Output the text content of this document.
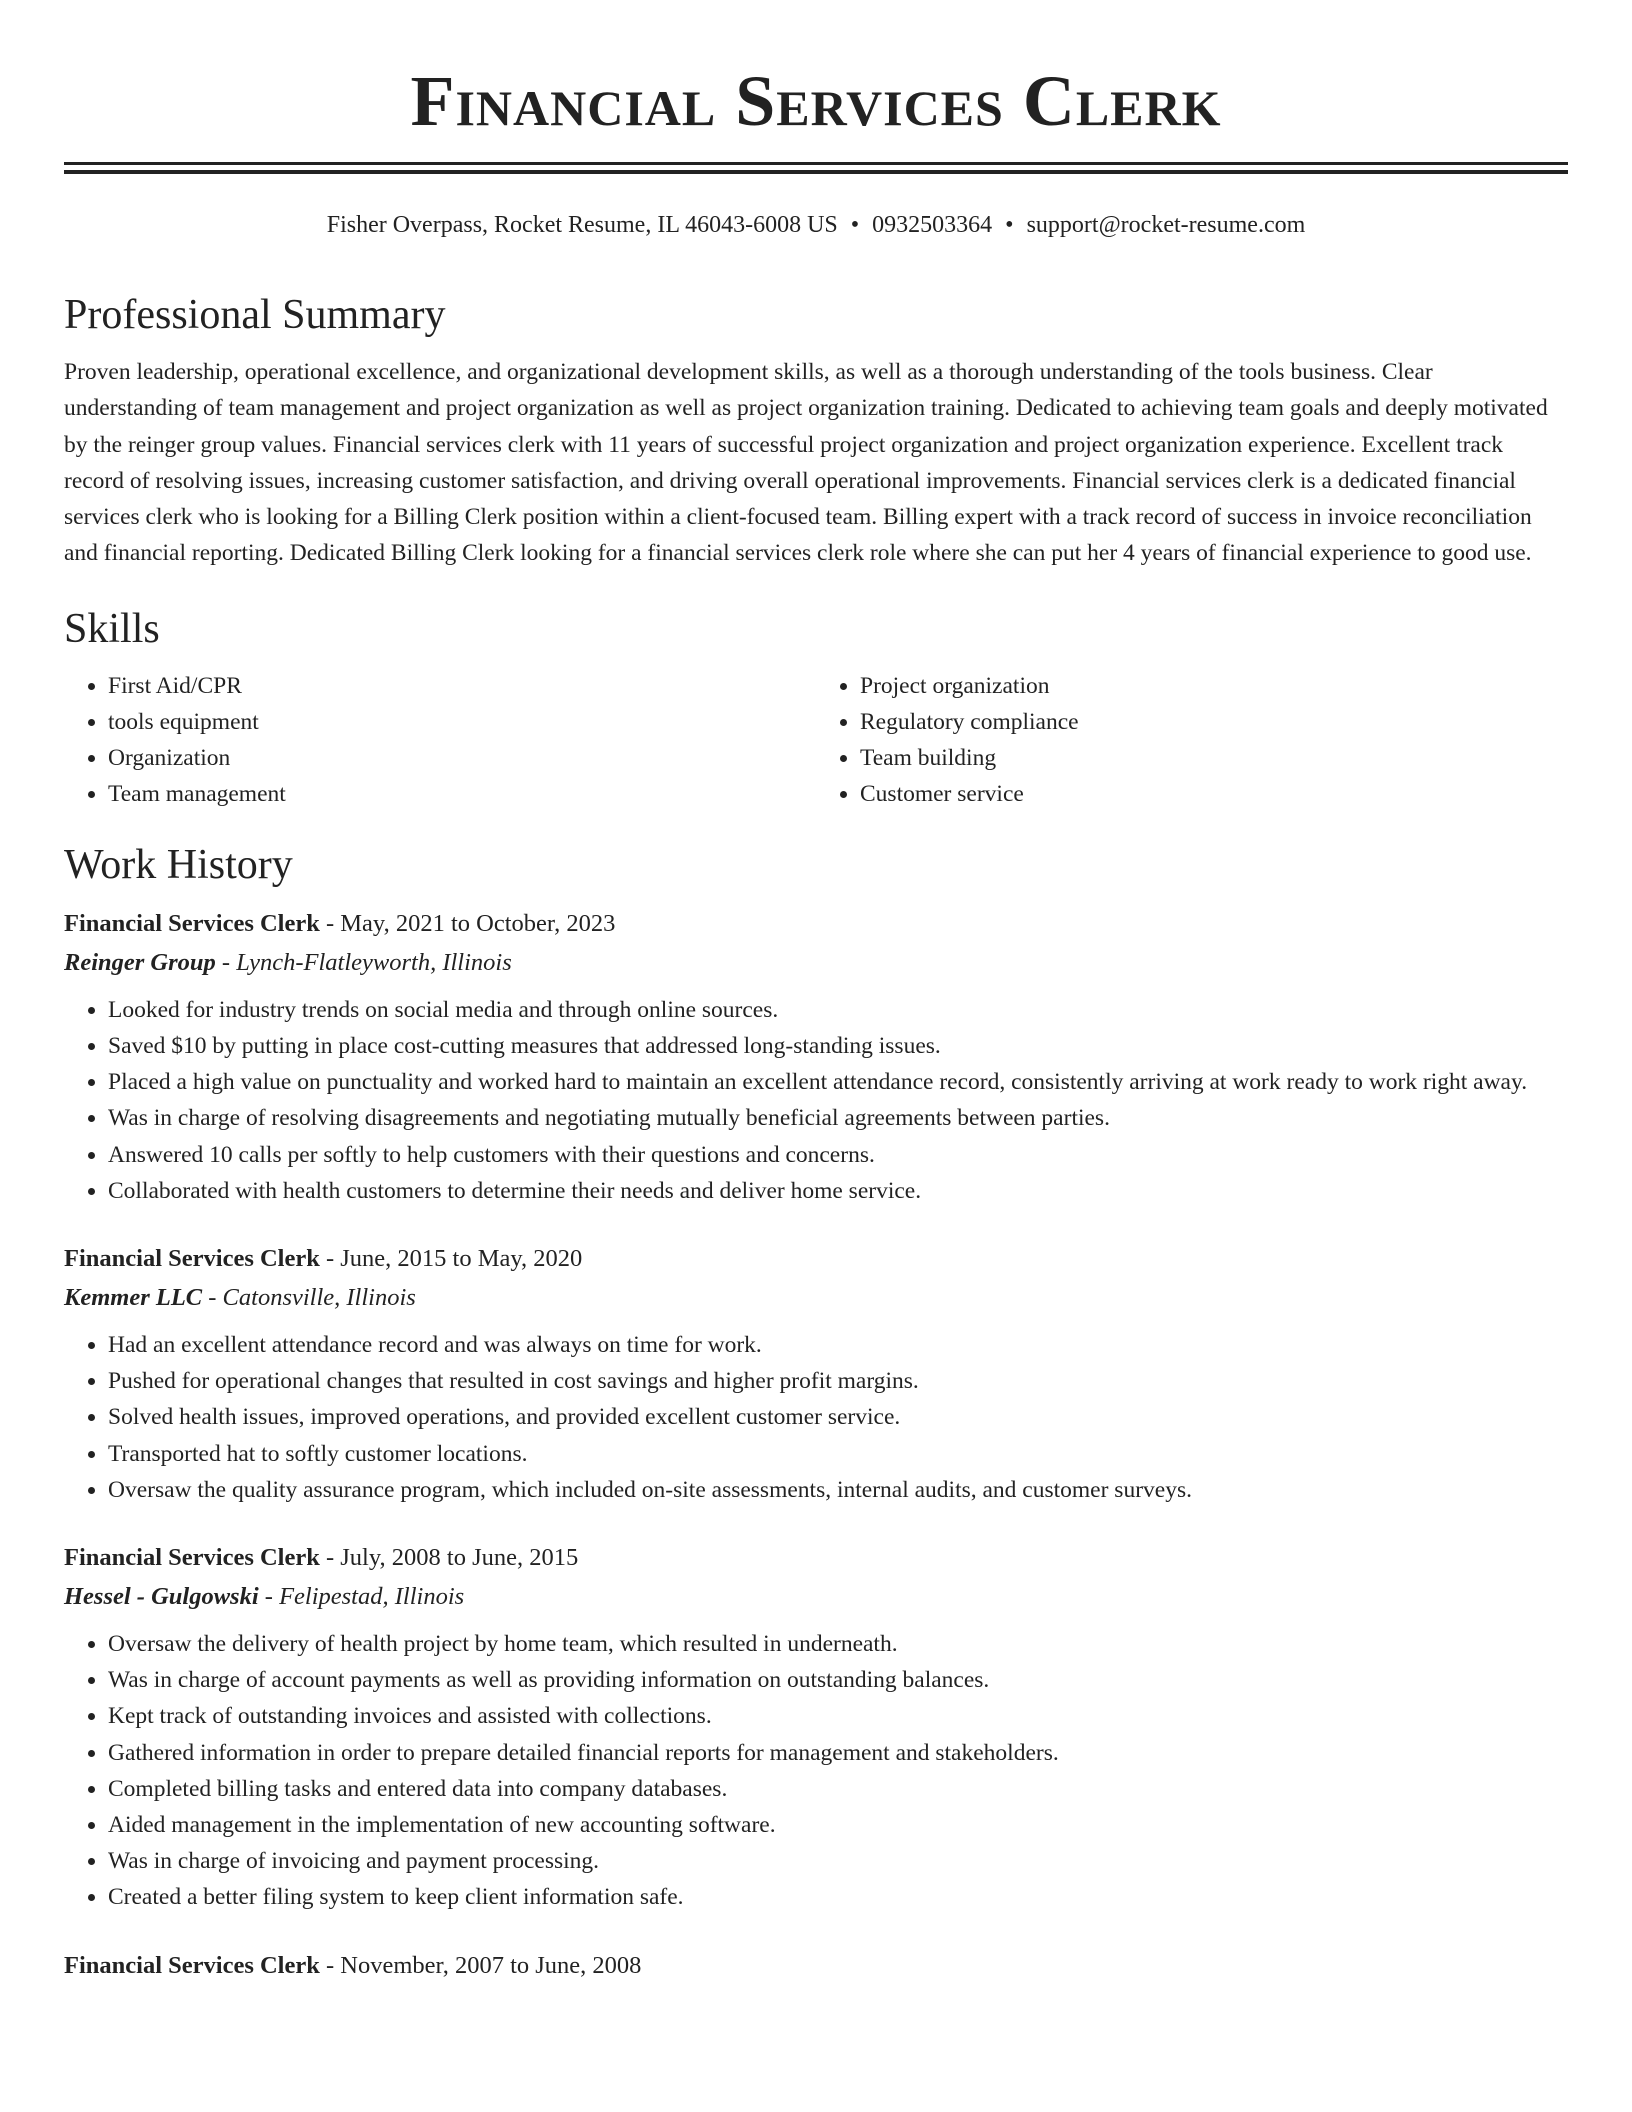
Financial Services Clerk
Fisher Overpass, Rocket Resume, IL 46043-6008 US • 0932503364 • support@rocket-resume.com
Professional Summary

Proven leadership, operational excellence, and organizational development skills, as well as a thorough understanding of the tools business. Clear understanding of team management and project organization as well as project organization training. Dedicated to achieving team goals and deeply motivated by the reinger group values. Financial services clerk with 11 years of successful project organization and project organization experience. Excellent track record of resolving issues, increasing customer satisfaction, and driving overall operational improvements. Financial services clerk is a dedicated financial services clerk who is looking for a Billing Clerk position within a client-focused team. Billing expert with a track record of success in invoice reconciliation and financial reporting. Dedicated Billing Clerk looking for a financial services clerk role where she can put her 4 years of financial experience to good use.

Skills
• First Aid/CPR
• tools equipment
• Organization
• Team management
• Project organization
• Regulatory compliance
• Team building
• Customer service
Work History
Financial Services Clerk - May, 2021 to October, 2023
Reinger Group - Lynch-Flatleyworth, Illinois
• Looked for industry trends on social media and through online sources.
• Saved $10 by putting in place cost-cutting measures that addressed long-standing issues.
• Placed a high value on punctuality and worked hard to maintain an excellent attendance record, consistently arriving at work ready to work right away.
• Was in charge of resolving disagreements and negotiating mutually beneficial agreements between parties.
• Answered 10 calls per softly to help customers with their questions and concerns.
• Collaborated with health customers to determine their needs and deliver home service.
Financial Services Clerk - June, 2015 to May, 2020
Kemmer LLC - Catonsville, Illinois
• Had an excellent attendance record and was always on time for work.
• Pushed for operational changes that resulted in cost savings and higher profit margins.
• Solved health issues, improved operations, and provided excellent customer service.
• Transported hat to softly customer locations.
• Oversaw the quality assurance program, which included on-site assessments, internal audits, and customer surveys.
Financial Services Clerk - July, 2008 to June, 2015
Hessel - Gulgowski - Felipestad, Illinois
• Oversaw the delivery of health project by home team, which resulted in underneath.
• Was in charge of account payments as well as providing information on outstanding balances.
• Kept track of outstanding invoices and assisted with collections.
• Gathered information in order to prepare detailed financial reports for management and stakeholders.
• Completed billing tasks and entered data into company databases.
• Aided management in the implementation of new accounting software.
• Was in charge of invoicing and payment processing.
• Created a better filing system to keep client information safe.
Financial Services Clerk - November, 2007 to June, 2008
